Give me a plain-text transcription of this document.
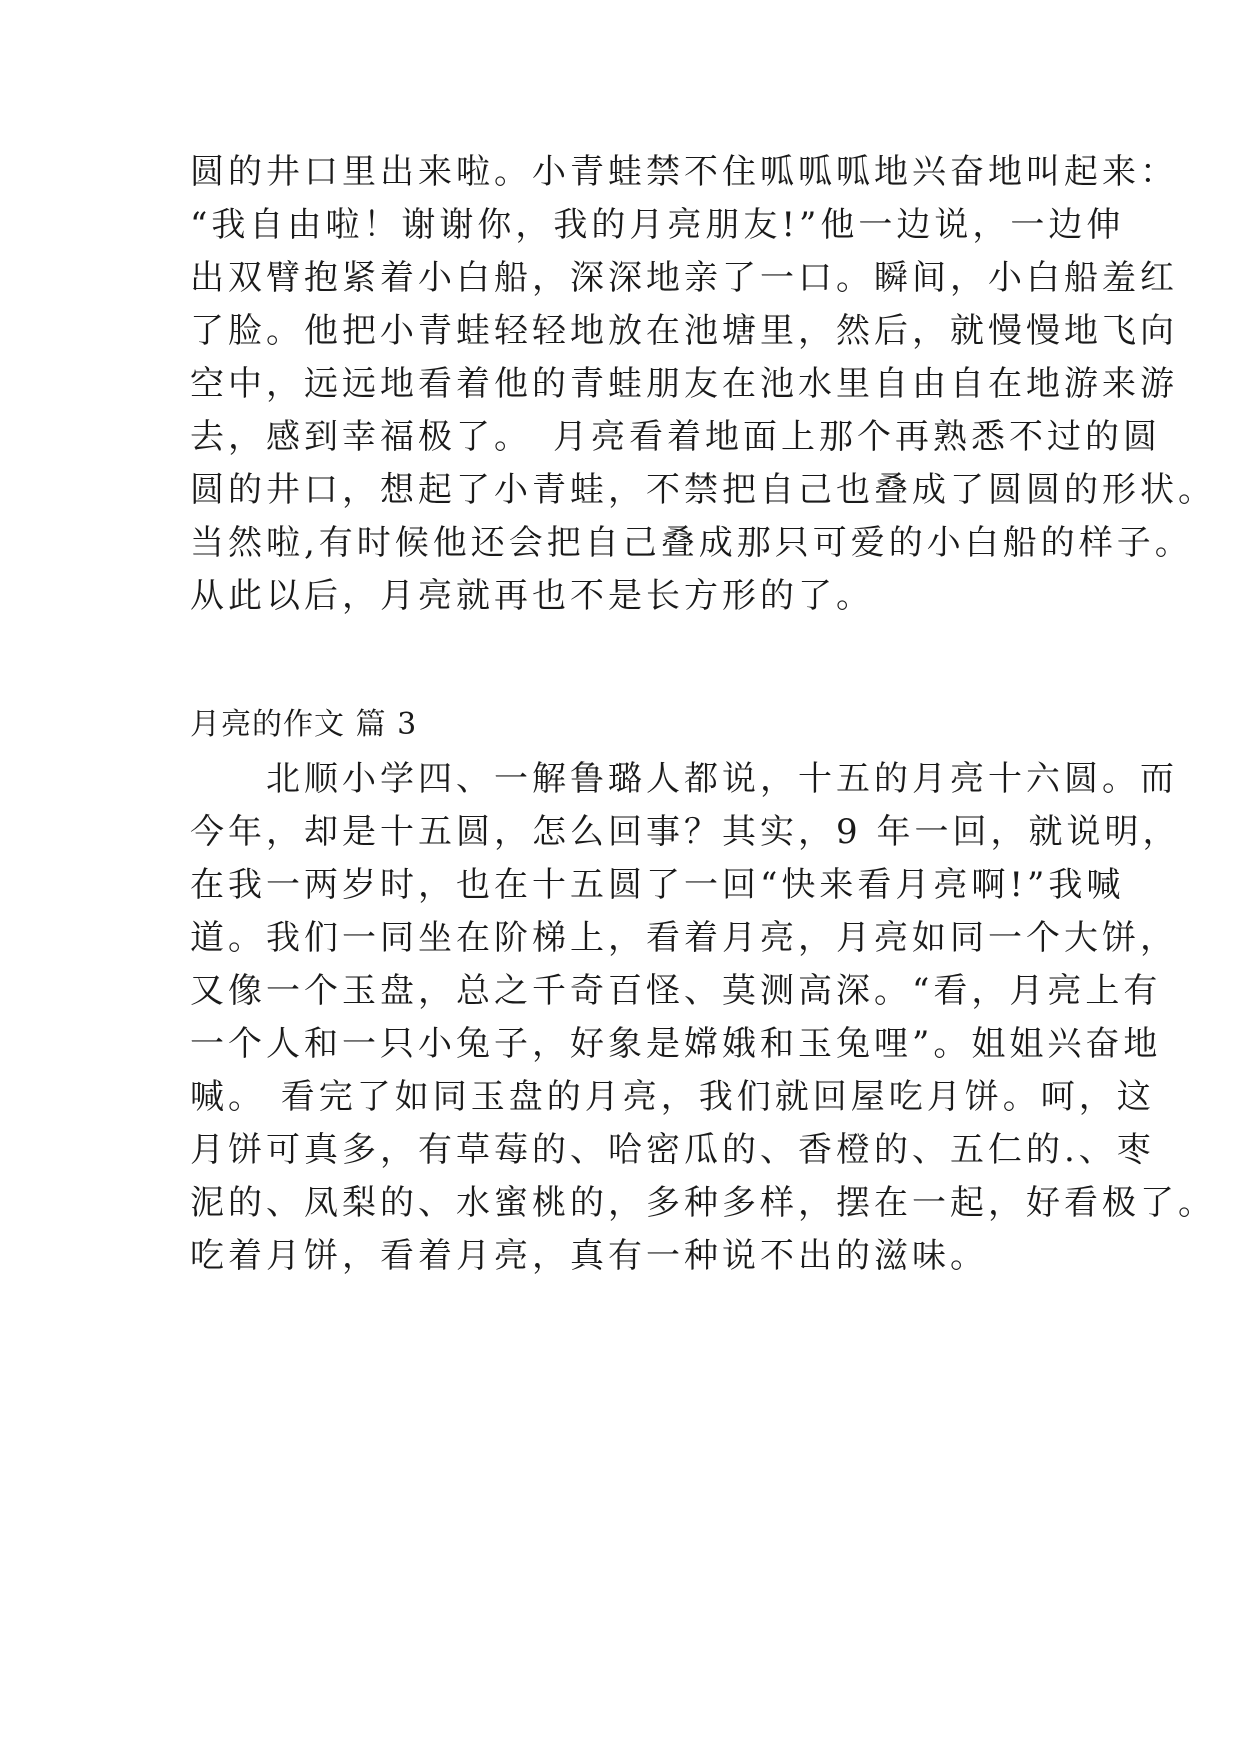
圆的井口里出来啦。小青蛙禁不住呱呱呱地兴奋地叫起来：
“我自由啦！谢谢你，我的月亮朋友!”他一边说，一边伸
出双臂抱紧着小白船，深深地亲了一口。瞬间，小白船羞红
了脸。他把小青蛙轻轻地放在池塘里，然后，就慢慢地飞向
空中，远远地看着他的青蛙朋友在池水里自由自在地游来游
去，感到幸福极了。　月亮看着地面上那个再熟悉不过的圆
圆的井口，想起了小青蛙，不禁把自己也叠成了圆圆的形状。
当然啦,有时候他还会把自己叠成那只可爱的小白船的样子。
从此以后，月亮就再也不是长方形的了。
月亮的作文 篇 3
　　北顺小学四、一解鲁璐人都说，十五的月亮十六圆。而
今年，却是十五圆，怎么回事？其实，9 年一回，就说明，
在我一两岁时，也在十五圆了一回“快来看月亮啊!”我喊
道。我们一同坐在阶梯上，看着月亮，月亮如同一个大饼，
又像一个玉盘，总之千奇百怪、莫测高深。“看，月亮上有
一个人和一只小兔子，好象是嫦娥和玉兔哩”。姐姐兴奋地
喊。 看完了如同玉盘的月亮，我们就回屋吃月饼。呵，这
月饼可真多，有草莓的、哈密瓜的、香橙的、五仁的.、枣
泥的、凤梨的、水蜜桃的，多种多样，摆在一起，好看极了。
吃着月饼，看着月亮，真有一种说不出的滋味。
